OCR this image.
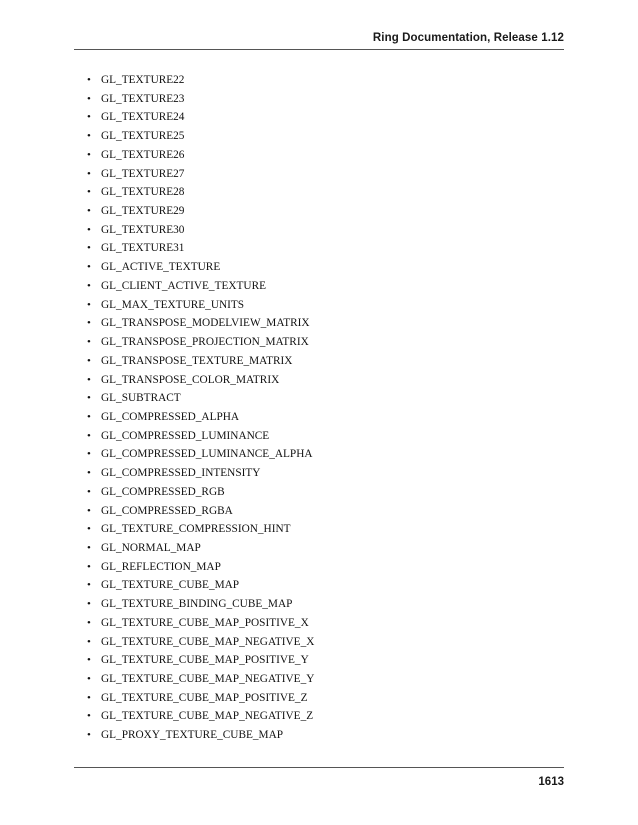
Ring Documentation, Release 1.12
• GL_TEXTURE22
• GL_TEXTURE23
• GL_TEXTURE24
• GL_TEXTURE25
• GL_TEXTURE26
• GL_TEXTURE27
• GL_TEXTURE28
• GL_TEXTURE29
• GL_TEXTURE30
• GL_TEXTURE31
• GL_ACTIVE_TEXTURE
• GL_CLIENT_ACTIVE_TEXTURE
• GL_MAX_TEXTURE_UNITS
• GL_TRANSPOSE_MODELVIEW_MATRIX
• GL_TRANSPOSE_PROJECTION_MATRIX
• GL_TRANSPOSE_TEXTURE_MATRIX
• GL_TRANSPOSE_COLOR_MATRIX
• GL_SUBTRACT
• GL_COMPRESSED_ALPHA
• GL_COMPRESSED_LUMINANCE
• GL_COMPRESSED_LUMINANCE_ALPHA
• GL_COMPRESSED_INTENSITY
• GL_COMPRESSED_RGB
• GL_COMPRESSED_RGBA
• GL_TEXTURE_COMPRESSION_HINT
• GL_NORMAL_MAP
• GL_REFLECTION_MAP
• GL_TEXTURE_CUBE_MAP
• GL_TEXTURE_BINDING_CUBE_MAP
• GL_TEXTURE_CUBE_MAP_POSITIVE_X
• GL_TEXTURE_CUBE_MAP_NEGATIVE_X
• GL_TEXTURE_CUBE_MAP_POSITIVE_Y
• GL_TEXTURE_CUBE_MAP_NEGATIVE_Y
• GL_TEXTURE_CUBE_MAP_POSITIVE_Z
• GL_TEXTURE_CUBE_MAP_NEGATIVE_Z
• GL_PROXY_TEXTURE_CUBE_MAP
1613
